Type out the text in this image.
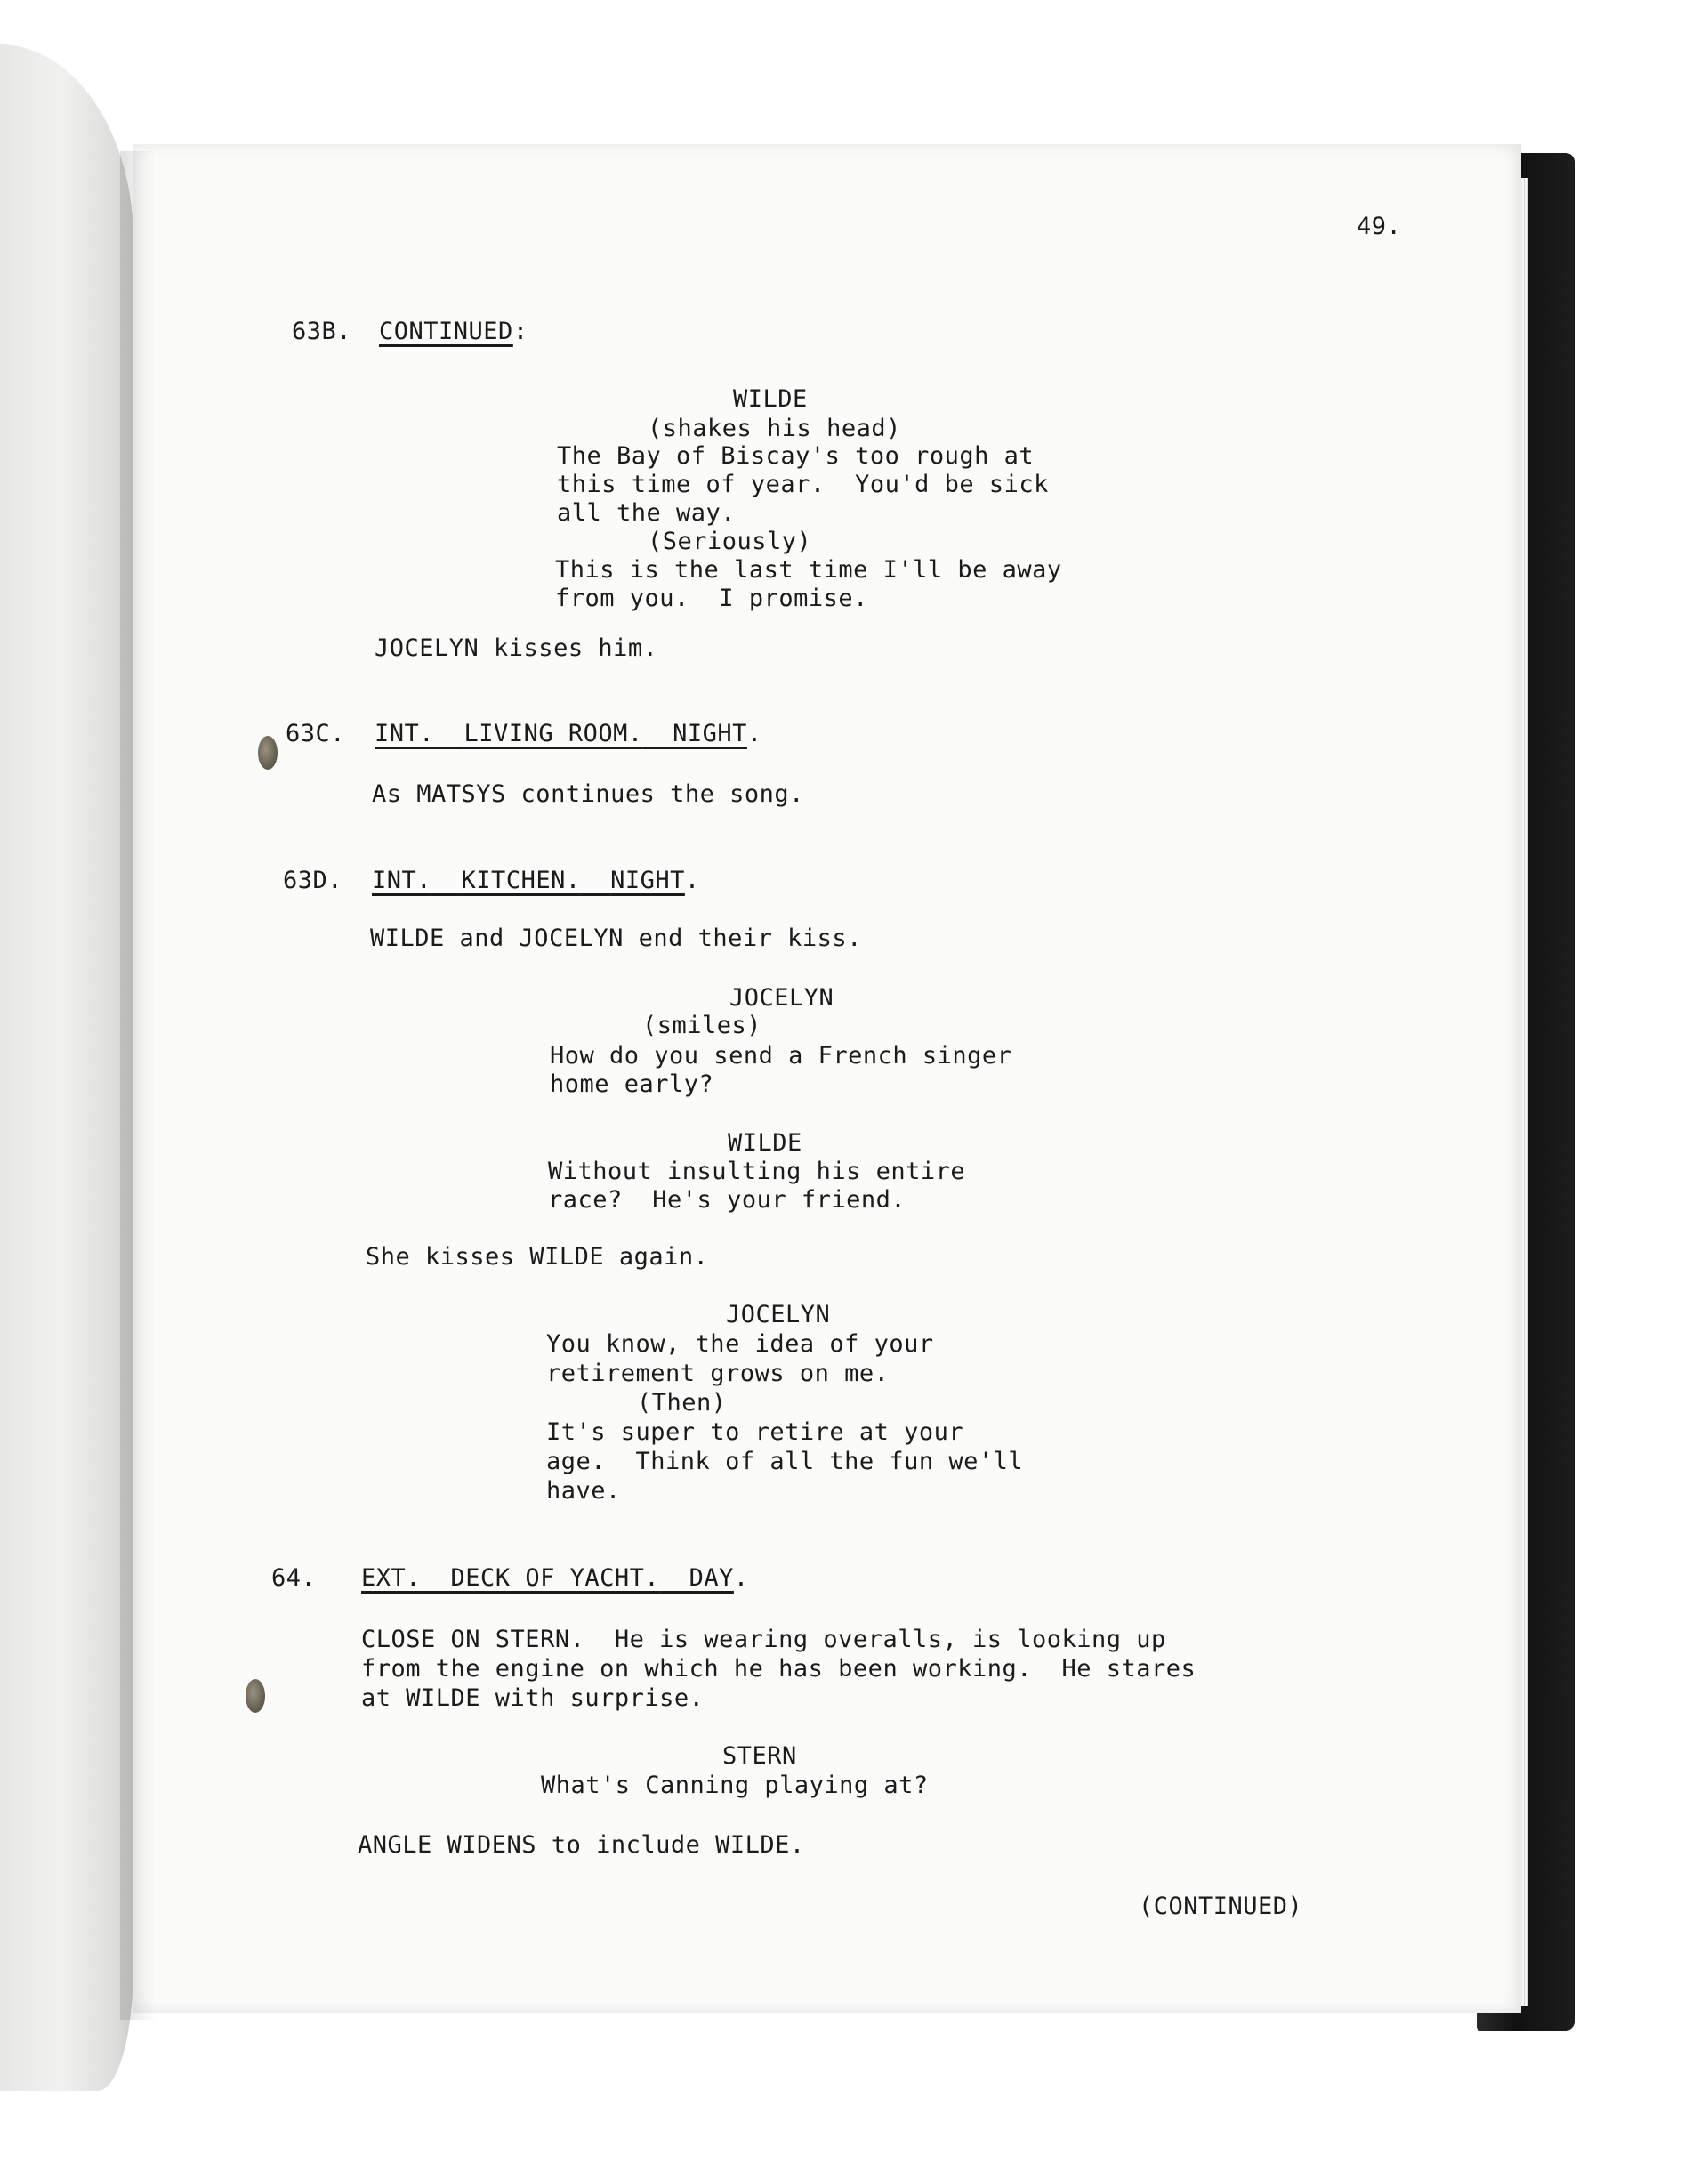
49.

63B. CONTINUED:

WILDE

(shakes his head)

The Bay of Biscay's too rough at

this time of year.  You'd be sick

all the way.

(Seriously)

This is the last time I'll be away

from you.  I promise.

JOCELYN kisses him.

63C. INT. LIVING ROOM. NIGHT.

As MATSYS continues the song.

63D. INT. KITCHEN. NIGHT.

WILDE and JOCELYN end their kiss.

JOCELYN

(smiles)

How do you send a French singer

home early?

WILDE

Without insulting his entire

race?  He's your friend.

She kisses WILDE again.

JOCELYN

You know, the idea of your

retirement grows on me.

(Then)

It's super to retire at your

age.  Think of all the fun we'll

have.

64. EXT. DECK OF YACHT. DAY.

CLOSE ON STERN.  He is wearing overalls, is looking up

from the engine on which he has been working.  He stares

at WILDE with surprise.

STERN

What's Canning playing at?

ANGLE WIDENS to include WILDE.

(CONTINUED)
